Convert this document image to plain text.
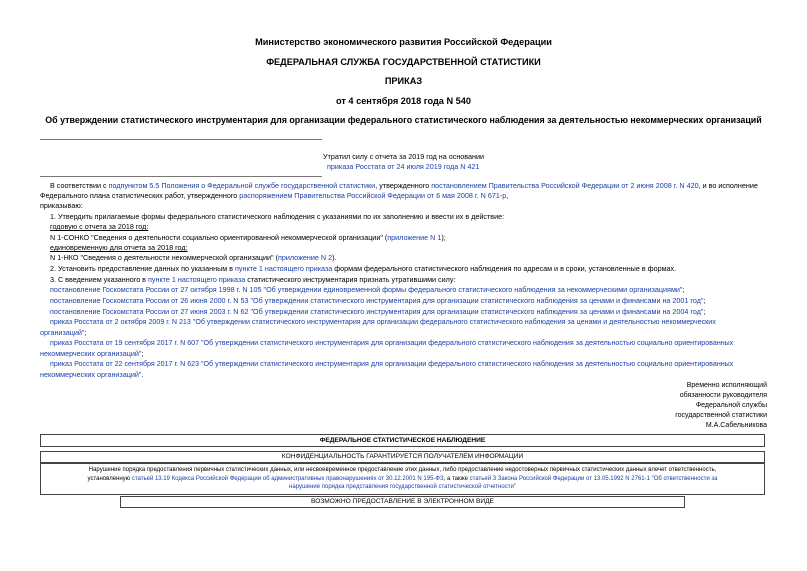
Министерство экономического развития Российской Федерации
ФЕДЕРАЛЬНАЯ СЛУЖБА ГОСУДАРСТВЕННОЙ СТАТИСТИКИ
ПРИКАЗ
от 4 сентября 2018 года N 540
Об утверждении статистического инструментария для организации федерального статистического наблюдения за деятельностью некоммерческих организаций
Утратил силу с отчета за 2019 год на основании
приказа Росстата от 24 июля 2019 года N 421
В соответствии с подпунктом 5.5 Положения о Федеральной службе государственной статистики, утвержденного постановлением Правительства Российской Федерации от 2 июня 2008 г. N 420, и во исполнение
Федерального плана статистических работ, утвержденного распоряжением Правительства Российской Федерации от 6 мая 2008 г. N 671-р,
приказываю:
1. Утвердить прилагаемые формы федерального статистического наблюдения с указаниями по их заполнению и ввести их в действие:
годовую с отчета за 2018 год:
N 1-СОНКО "Сведения о деятельности социально ориентированной некоммерческой организации" (приложение N 1);
единовременную для отчета за 2018 год:
N 1-НКО "Сведения о деятельности некоммерческой организации" (приложение N 2).
2. Установить предоставление данных по указанным в пункте 1 настоящего приказа формам федерального статистического наблюдения по адресам и в сроки, установленные в формах.
3. С введением указанного в пункте 1 настоящего приказа статистического инструментария признать утратившими силу:
постановление Госкомстата России от 27 октября 1998 г. N 105 "Об утверждении единовременной формы федерального статистического наблюдения за некоммерческими организациями";
постановление Госкомстата России от 26 июня 2000 г. N 53 "Об утверждении статистического инструментария для организации статистического наблюдения за ценами и финансами на 2001 год";
постановление Госкомстата России от 27 июня 2003 г. N 62 "Об утверждении статистического инструментария для организации статистического наблюдения за ценами и финансами на 2004 год";
приказ Росстата от 2 октября 2009 г. N 213 "Об утверждении статистического инструментария для организации федерального статистического наблюдения за ценами и деятельностью некоммерческих
организаций";
приказ Росстата от 19 сентября 2017 г. N 607 "Об утверждении статистического инструментария для организации федерального статистического наблюдения за деятельностью социально ориентированных
некоммерческих организаций";
приказ Росстата от 22 сентября 2017 г. N 623 "Об утверждении статистического инструментария для организации федерального статистического наблюдения за деятельностью социально ориентированных
некоммерческих организаций".
Временно исполняющий
обязанности руководителя
Федеральной службы
государственной статистики
М.А.Сабельникова
ФЕДЕРАЛЬНОЕ СТАТИСТИЧЕСКОЕ НАБЛЮДЕНИЕ
КОНФИДЕНЦИАЛЬНОСТЬ ГАРАНТИРУЕТСЯ ПОЛУЧАТЕЛЕМ ИНФОРМАЦИИ
Нарушение порядка предоставления первичных статистических данных, или несвоевременное предоставление этих данных, либо предоставление недостоверных первичных статистических данных влечет ответственность,
установленную статьей 13.19 Кодекса Российской Федерации об административных правонарушениях от 30.12.2001 N 195-ФЗ, а также статьей 3 Закона Российской Федерации от 13.05.1992 N 2761-1 "Об ответственности за
нарушение порядка представления государственной статистической отчетности"
ВОЗМОЖНО ПРЕДОСТАВЛЕНИЕ В ЭЛЕКТРОННОМ ВИДЕ
